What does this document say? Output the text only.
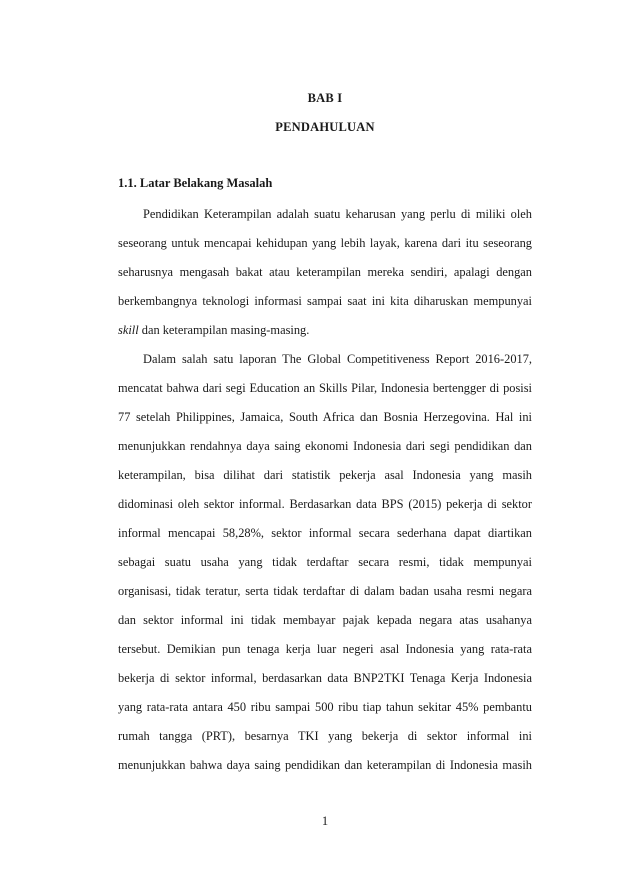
BAB I
PENDAHULUAN
1.1. Latar Belakang Masalah
Pendidikan Keterampilan adalah suatu keharusan yang perlu di miliki oleh
seseorang untuk mencapai kehidupan yang lebih layak, karena dari itu seseorang
seharusnya mengasah bakat atau keterampilan mereka sendiri, apalagi dengan
berkembangnya teknologi informasi sampai saat ini kita diharuskan mempunyai
skill dan keterampilan masing-masing.
Dalam salah satu laporan The Global Competitiveness Report 2016-2017,
mencatat bahwa dari segi Education an Skills Pilar, Indonesia bertengger di posisi
77 setelah Philippines, Jamaica, South Africa dan Bosnia Herzegovina. Hal ini
menunjukkan rendahnya daya saing ekonomi Indonesia dari segi pendidikan dan
keterampilan, bisa dilihat dari statistik pekerja asal Indonesia yang masih
didominasi oleh sektor informal. Berdasarkan data BPS (2015) pekerja di sektor
informal mencapai 58,28%, sektor informal secara sederhana dapat diartikan
sebagai suatu usaha yang tidak terdaftar secara resmi, tidak mempunyai
organisasi, tidak teratur, serta tidak terdaftar di dalam badan usaha resmi negara
dan sektor informal ini tidak membayar pajak kepada negara atas usahanya
tersebut. Demikian pun tenaga kerja luar negeri asal Indonesia yang rata-rata
bekerja di sektor informal, berdasarkan data BNP2TKI Tenaga Kerja Indonesia
yang rata-rata antara 450 ribu sampai 500 ribu tiap tahun sekitar 45% pembantu
rumah tangga (PRT), besarnya TKI yang bekerja di sektor informal ini
menunjukkan bahwa daya saing pendidikan dan keterampilan di Indonesia masih
1
